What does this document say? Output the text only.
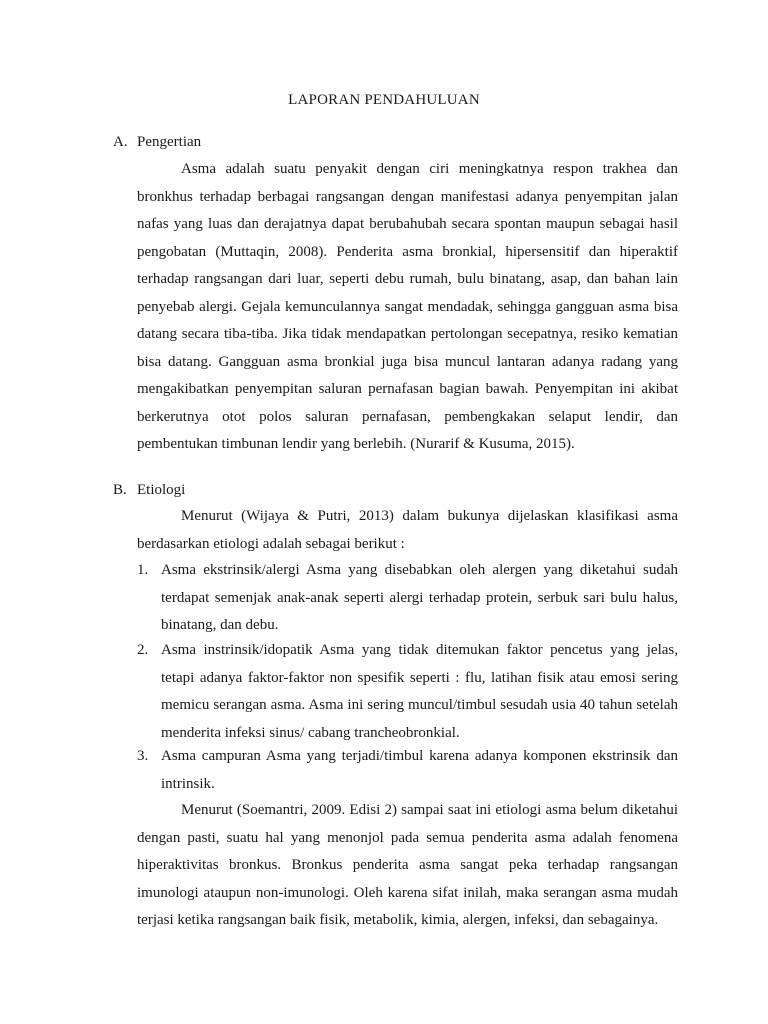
LAPORAN PENDAHULUAN
A. Pengertian

Asma adalah suatu penyakit dengan ciri meningkatnya respon trakhea dan bronkhus terhadap berbagai rangsangan dengan manifestasi adanya penyempitan jalan nafas yang luas dan derajatnya dapat berubahubah secara spontan maupun sebagai hasil pengobatan (Muttaqin, 2008). Penderita asma bronkial, hipersensitif dan hiperaktif terhadap rangsangan dari luar, seperti debu rumah, bulu binatang, asap, dan bahan lain penyebab alergi. Gejala kemunculannya sangat mendadak, sehingga gangguan asma bisa datang secara tiba-tiba. Jika tidak mendapatkan pertolongan secepatnya, resiko kematian bisa datang. Gangguan asma bronkial juga bisa muncul lantaran adanya radang yang mengakibatkan penyempitan saluran pernafasan bagian bawah. Penyempitan ini akibat berkerutnya otot polos saluran pernafasan, pembengkakan selaput lendir, dan pembentukan timbunan lendir yang berlebih. (Nurarif & Kusuma, 2015).

B. Etiologi

Menurut (Wijaya & Putri, 2013) dalam bukunya dijelaskan klasifikasi asma berdasarkan etiologi adalah sebagai berikut :

1. Asma ekstrinsik/alergi Asma yang disebabkan oleh alergen yang diketahui sudah terdapat semenjak anak-anak seperti alergi terhadap protein, serbuk sari bulu halus, binatang, dan debu.
2. Asma instrinsik/idopatik Asma yang tidak ditemukan faktor pencetus yang jelas, tetapi adanya faktor-faktor non spesifik seperti : flu, latihan fisik atau emosi sering memicu serangan asma. Asma ini sering muncul/timbul sesudah usia 40 tahun setelah menderita infeksi sinus/ cabang trancheobronkial.
3. Asma campuran Asma yang terjadi/timbul karena adanya komponen ekstrinsik dan intrinsik.

Menurut (Soemantri, 2009. Edisi 2) sampai saat ini etiologi asma belum diketahui dengan pasti, suatu hal yang menonjol pada semua penderita asma adalah fenomena hiperaktivitas bronkus. Bronkus penderita asma sangat peka terhadap rangsangan imunologi ataupun non-imunologi. Oleh karena sifat inilah, maka serangan asma mudah terjasi ketika rangsangan baik fisik, metabolik, kimia, alergen, infeksi, dan sebagainya.
